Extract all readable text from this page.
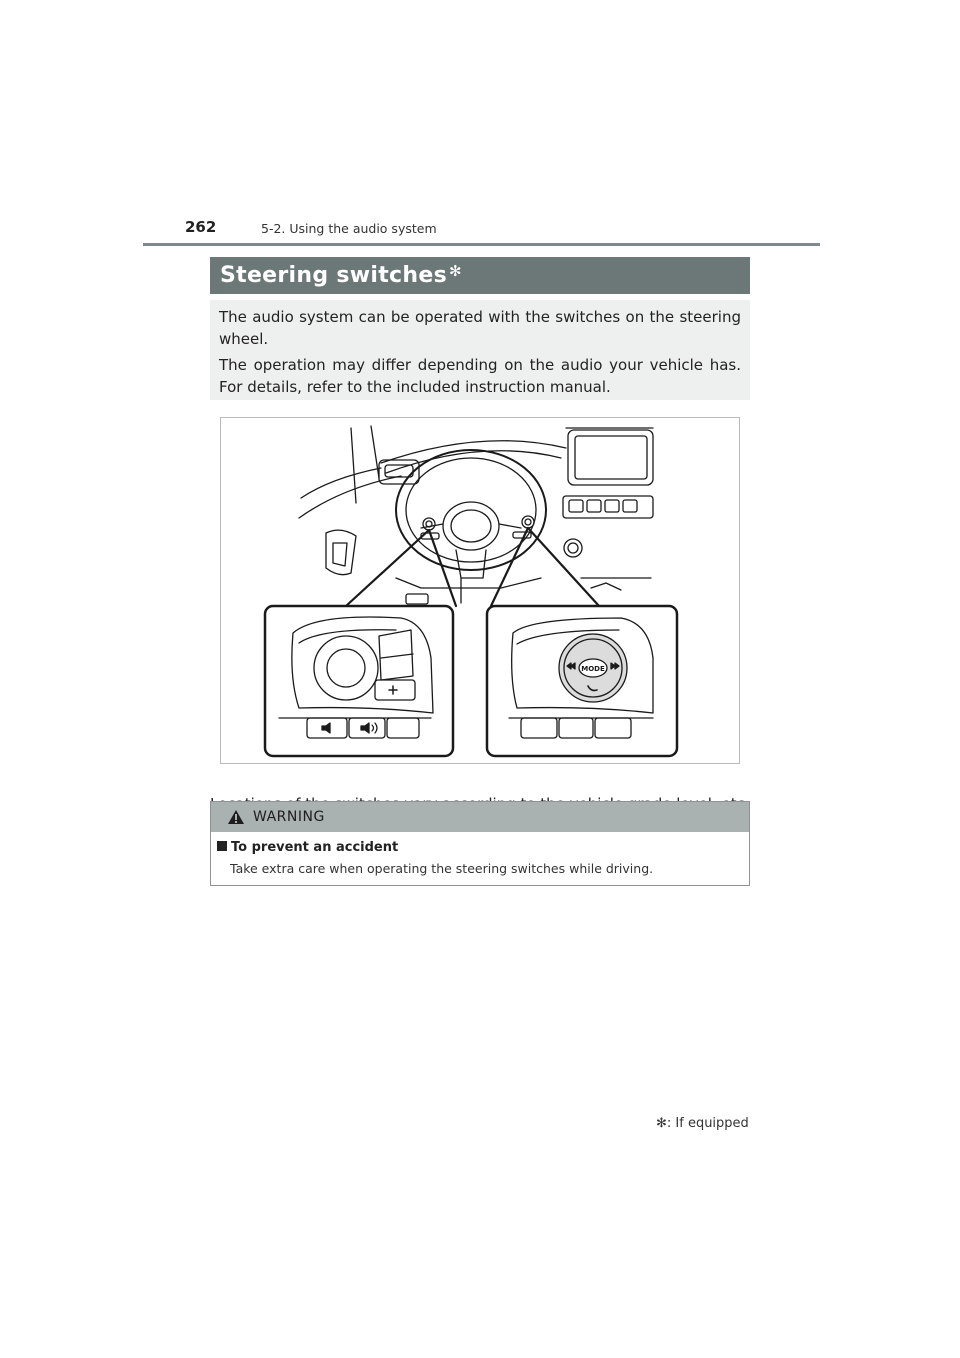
262	5-2. Using the audio system
Steering switches ✻

The audio system can be operated with the switches on the steering wheel.

The operation may differ depending on the audio your vehicle has. For details, refer to the included instruction manual.

MODE
WARNING
To prevent an accident
Take extra care when operating the steering switches while driving.
✻: If equipped
